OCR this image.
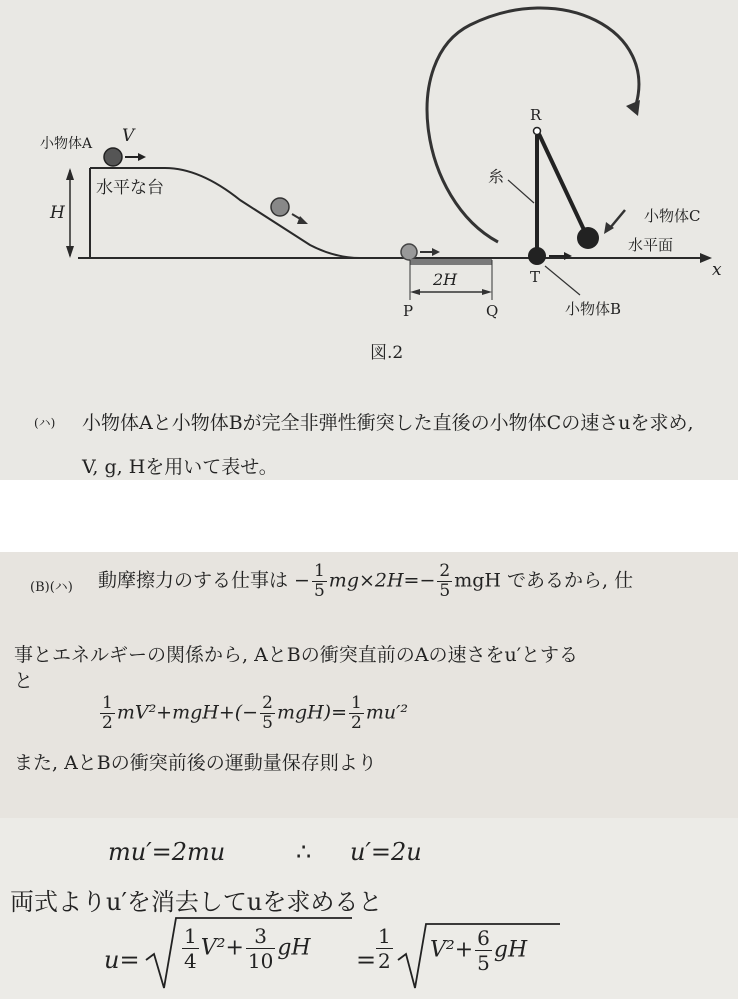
小物体A V
水平な台
H
糸
R
小物体C
水平面
x
T
2H
P	Q	小物体B
図.2
(ハ) 小物体Aと小物体Bが完全非弾性衝突した直後の小物体Cの速さuを求め,
V, g, Hを用いて表せ。
(B)(ハ) 動摩擦力のする仕事は − $\frac{1}{5} mg\times 2H=- \frac{2}{5}$ mgH であるから, 仕
事とエネルギーの関係から, AとBの衝突直前のAの速さをu′とする
と
$\frac{1}{2} mV^2+mgH+(- \frac{2}{5} mgH)= \frac{1}{2} mu'^2$
また, AとBの衝突前後の運動量保存則より
mu′=2mu	∴ u′=2u
両式よりu′を消去してuを求めると
$u= \frac{1}{4} V^2+ \frac{3}{10}$ gH = $\frac{1}{2} V^2+ \frac{6}{5}$ gH
